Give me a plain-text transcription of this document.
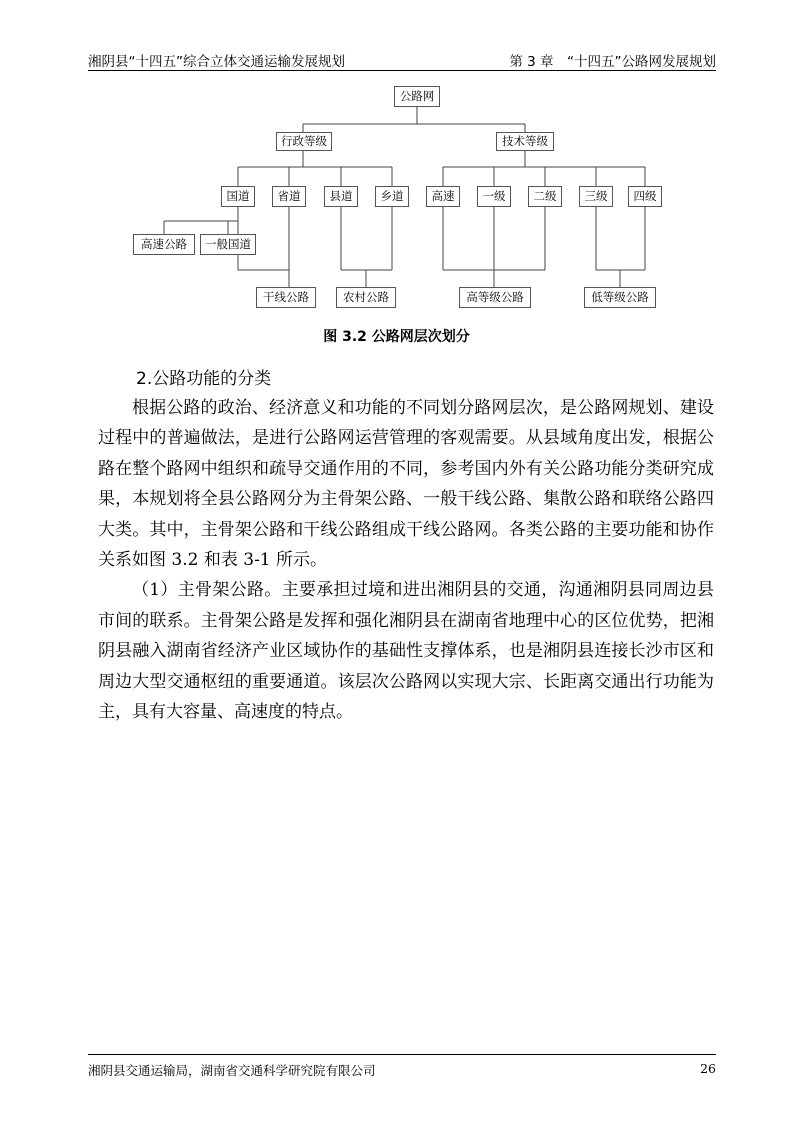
湘阴县“十四五”综合立体交通运输发展规划	第 3 章　“十四五”公路网发展规划
公路网
行政等级	技术等级
国道	省道	县道	乡道	高速	一级	二级	三级	四级
高速公路	一般国道
干线公路	农村公路	高等级公路	低等级公路
图 3.2 公路网层次划分
2.公路功能的分类

根据公路的政治、经济意义和功能的不同划分路网层次，是公路网规划、建设过程中的普遍做法，是进行公路网运营管理的客观需要。从县域角度出发，根据公路在整个路网中组织和疏导交通作用的不同，参考国内外有关公路功能分类研究成果，本规划将全县公路网分为主骨架公路、一般干线公路、集散公路和联络公路四大类。其中，主骨架公路和干线公路组成干线公路网。各类公路的主要功能和协作关系如图 3.2 和表 3-1 所示。

（1）主骨架公路。主要承担过境和进出湘阴县的交通，沟通湘阴县同周边县市间的联系。主骨架公路是发挥和强化湘阴县在湖南省地理中心的区位优势，把湘阴县融入湖南省经济产业区域协作的基础性支撑体系，也是湘阴县连接长沙市区和周边大型交通枢纽的重要通道。该层次公路网以实现大宗、长距离交通出行功能为主，具有大容量、高速度的特点。

湘阴县交通运输局，湖南省交通科学研究院有限公司	26
